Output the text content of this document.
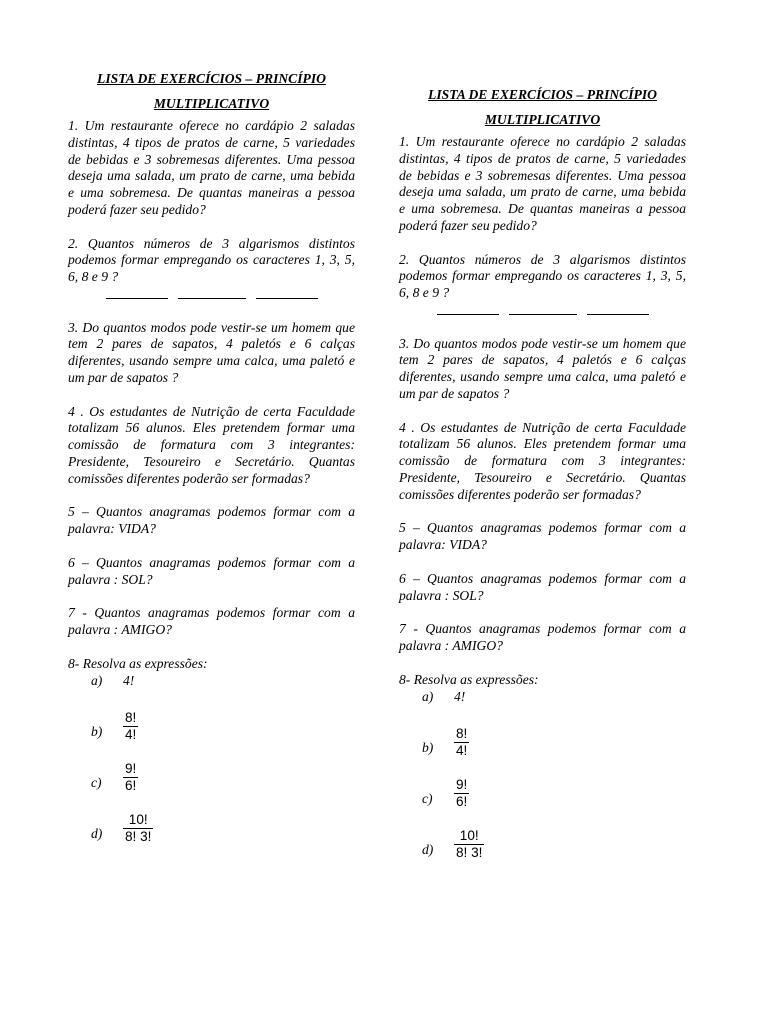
LISTA DE EXERCÍCIOS – PRINCÍPIO

MULTIPLICATIVO

1. Um restaurante oferece no cardápio 2 saladas distintas, 4 tipos de pratos de carne, 5 variedades de bebidas e 3 sobremesas diferentes. Uma pessoa deseja uma salada, um prato de carne, uma bebida e uma sobremesa. De quantas maneiras a pessoa poderá fazer seu pedido?

2. Quantos números de 3 algarismos distintos podemos formar empregando os caracteres 1, 3, 5, 6, 8 e 9 ?

3. Do quantos modos pode vestir-se um homem que tem 2 pares de sapatos, 4 paletós e 6 calças diferentes, usando sempre uma calca, uma paletó e um par de sapatos ?

4 . Os estudantes de Nutrição de certa Faculdade totalizam 56 alunos. Eles pretendem formar uma comissão de formatura com 3 integrantes: Presidente, Tesoureiro e Secretário. Quantas comissões diferentes poderão ser formadas?

5 – Quantos anagramas podemos formar com a palavra: VIDA?

6 – Quantos anagramas podemos formar com a palavra : SOL?

7 - Quantos anagramas podemos formar com a palavra : AMIGO?

8- Resolva as expressões:

a)	4!
b)	$\frac{8!}{4!}$
c)	$\frac{9!}{6!}$
d)	$\frac{10!}{8! 3!}$

LISTA DE EXERCÍCIOS – PRINCÍPIO

MULTIPLICATIVO

1. Um restaurante oferece no cardápio 2 saladas distintas, 4 tipos de pratos de carne, 5 variedades de bebidas e 3 sobremesas diferentes. Uma pessoa deseja uma salada, um prato de carne, uma bebida e uma sobremesa. De quantas maneiras a pessoa poderá fazer seu pedido?

2. Quantos números de 3 algarismos distintos podemos formar empregando os caracteres 1, 3, 5, 6, 8 e 9 ?

3. Do quantos modos pode vestir-se um homem que tem 2 pares de sapatos, 4 paletós e 6 calças diferentes, usando sempre uma calca, uma paletó e um par de sapatos ?

4 . Os estudantes de Nutrição de certa Faculdade totalizam 56 alunos. Eles pretendem formar uma comissão de formatura com 3 integrantes: Presidente, Tesoureiro e Secretário. Quantas comissões diferentes poderão ser formadas?

5 – Quantos anagramas podemos formar com a palavra: VIDA?

6 – Quantos anagramas podemos formar com a palavra : SOL?

7 - Quantos anagramas podemos formar com a palavra : AMIGO?

8- Resolva as expressões:

a)	4!
b)	$\frac{8!}{4!}$
c)	$\frac{9!}{6!}$
d)	$\frac{10!}{8! 3!}$
